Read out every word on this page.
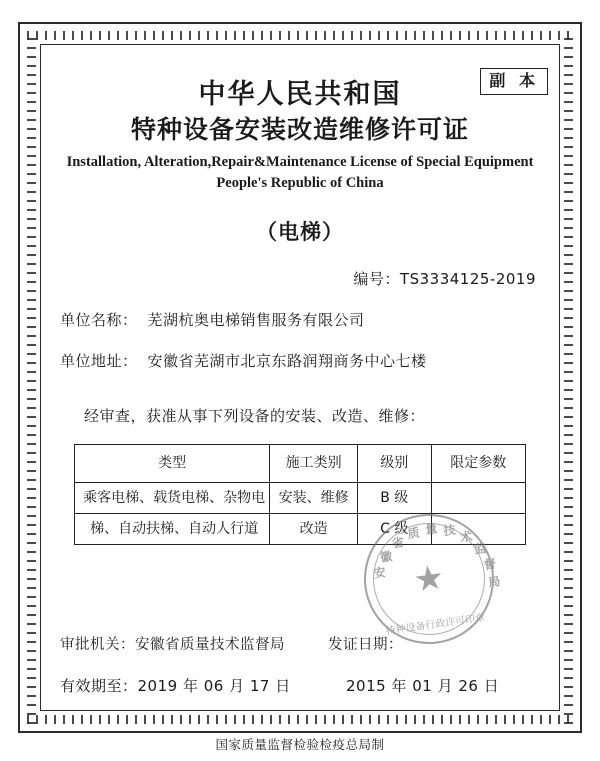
副 本
中华人民共和国
特种设备安装改造维修许可证
Installation, Alteration,Repair&Maintenance License of Special Equipment
People's Republic of China
（电梯）
编号：TS3334125-2019
单位名称： 芜湖杭奥电梯销售服务有限公司
单位地址： 安徽省芜湖市北京东路润翔商务中心七楼
经审查，获准从事下列设备的安装、改造、维修：
类型	施工类别	级别	限定参数
乘客电梯、载货电梯、杂物电	安装、维修	B 级	
梯、自动扶梯、自动人行道	改造	C 级	
安
徽
省
质 量 技 术
监
督
局
★
特种设备行政许可印章
审批机关：安徽省质量技术监督局	发证日期：
有效期至：2019 年 06 月 17 日	2015 年 01 月 26 日
国家质量监督检验检疫总局制
